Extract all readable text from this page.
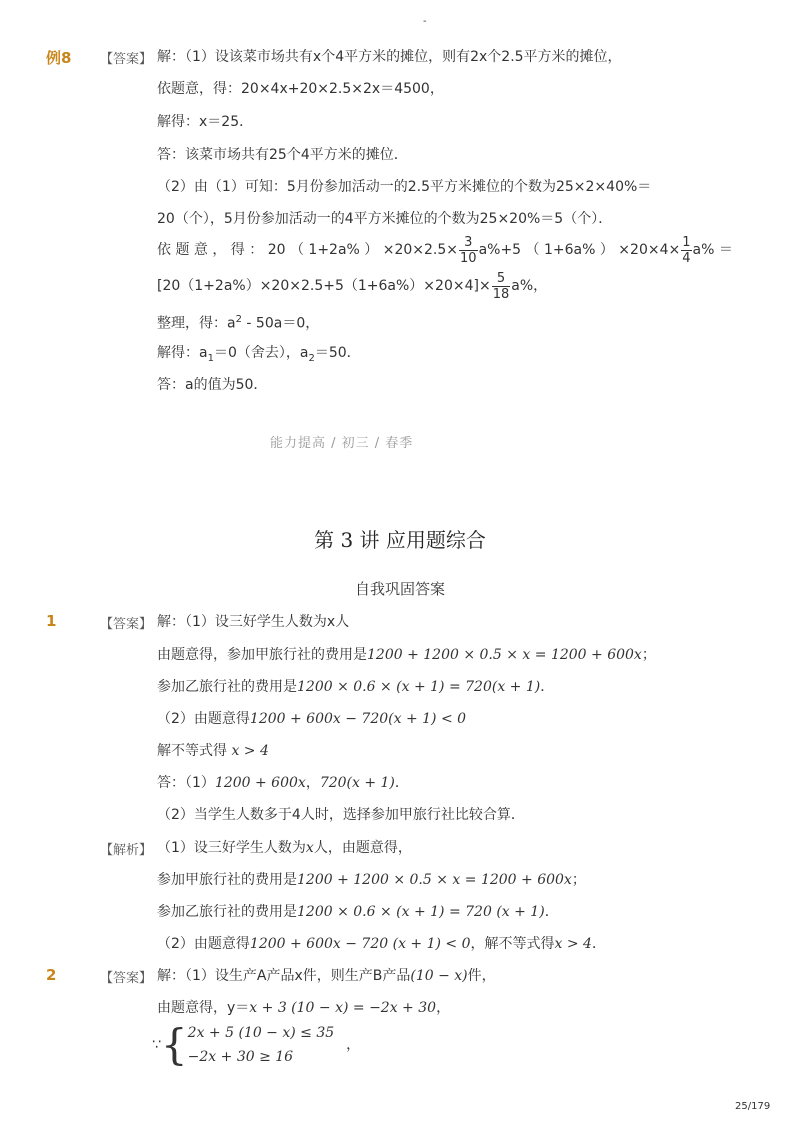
-
例8 【答案】 解：（1）设该菜市场共有x个4平方米的摊位，则有2x个2.5平方米的摊位，
依题意，得：20×4x+20×2.5×2x＝4500，
解得：x＝25．
答：该菜市场共有25个4平方米的摊位．
（2）由（1）可知：5月份参加活动一的2.5平方米摊位的个数为25×2×40%＝
20（个），5月份参加活动一的4平方米摊位的个数为25×20%＝5（个）．
依 题 意 ， 得 ： 20 （ 1+2a% ） $\times 20\times 2.5\times \frac{3}{10} a\%+5$ （ 1+6a% ） $\times 20\times 4\times \frac{1}{4} a\%$ ＝
$[20(1+2a\%)\times 20\times 2.5+5(1+6a\%)\times 20\times 4]\times \frac{5}{18} a\%$，
整理，得：$a^2 - 50a=0$，
解得：$a_1=0$（舍去），$a_2=50$．
答：a的值为50．
能力提高 / 初三 / 春季
第 3 讲 应用题综合
自我巩固答案
1	【答案】 解：（1）设三好学生人数为x人
由题意得，参加甲旅行社的费用是1200 + 1200 × 0.5 × x = 1200 + 600x；
参加乙旅行社的费用是1200 × 0.6 × (x + 1) = 720(x + 1)．
（2）由题意得1200 + 600x − 720(x + 1) < 0
解不等式得 x > 4
答：（1）1200 + 600x，720(x + 1)．
（2）当学生人数多于4人时，选择参加甲旅行社比较合算．
【解析】 （1）设三好学生人数为x人，由题意得，
参加甲旅行社的费用是1200 + 1200 × 0.5 × x = 1200 + 600x；
参加乙旅行社的费用是1200 × 0.6 × (x + 1) = 720 (x + 1)．
（2）由题意得1200 + 600x − 720 (x + 1) < 0，解不等式得x > 4．
2	【答案】 解：（1）设生产A产品x件，则生产B产品(10 − x)件，
由题意得，y＝x + 3 (10 − x) = −2x + 30，
∵ { 2x + 5 (10 − x) ≤ 35
−2x + 30 ≥ 16
，
25/179
